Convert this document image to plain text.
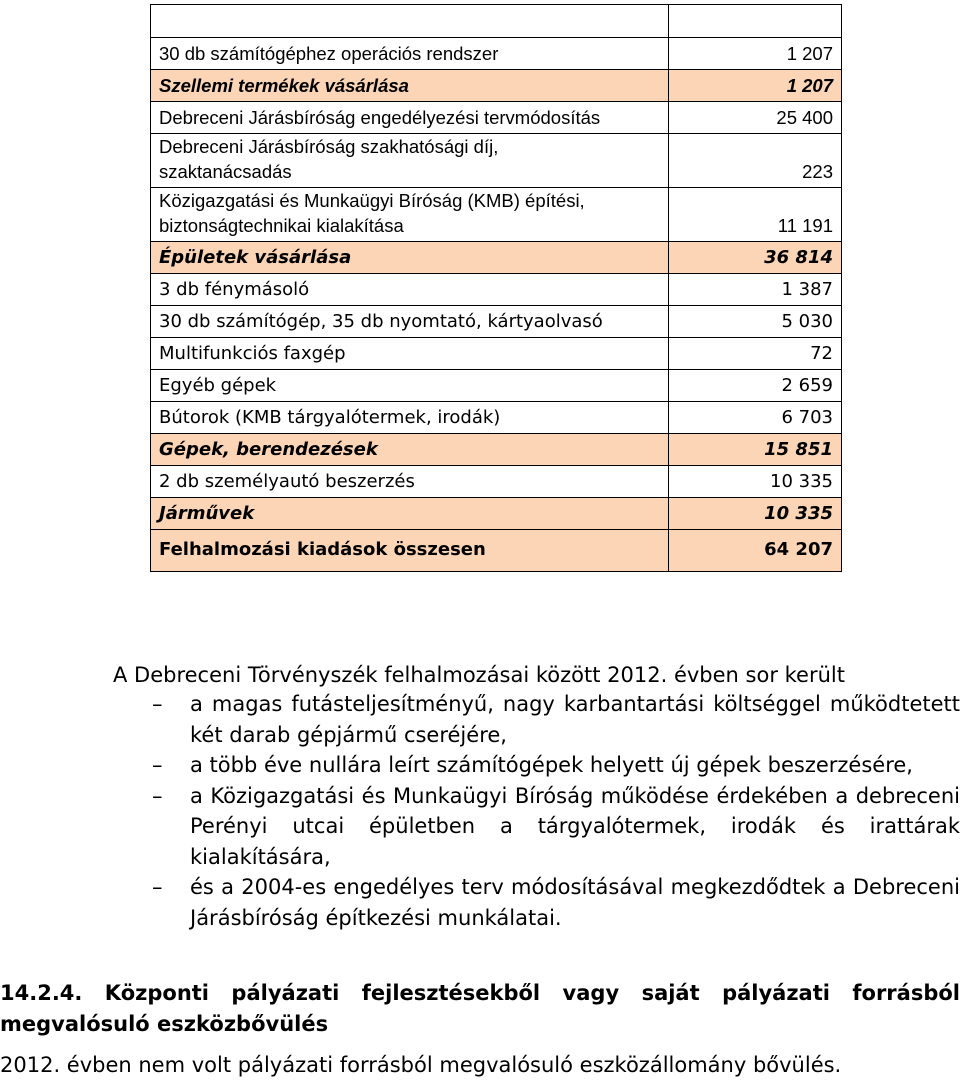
30 db számítógéphez operációs rendszer	1 207
Szellemi termékek vásárlása	1 207
Debreceni Járásbíróság engedélyezési tervmódosítás	25 400
Debreceni Járásbíróság szakhatósági díj,
szaktanácsadás	223
Közigazgatási és Munkaügyi Bíróság (KMB) építési,
biztonságtechnikai kialakítása	11 191
Épületek vásárlása	36 814
3 db fénymásoló	1 387
30 db számítógép, 35 db nyomtató, kártyaolvasó	5 030
Multifunkciós faxgép	72
Egyéb gépek	2 659
Bútorok (KMB tárgyalótermek, irodák)	6 703
Gépek, berendezések	15 851
2 db személyautó beszerzés	10 335
Járművek	10 335
Felhalmozási kiadások összesen	64 207

A Debreceni Törvényszék felhalmozásai között 2012. évben sor került

–	a magas futásteljesítményű, nagy karbantartási költséggel működtetett két darab gépjármű cseréjére,
–	a több éve nullára leírt számítógépek helyett új gépek beszerzésére,
–	a Közigazgatási és Munkaügyi Bíróság működése érdekében a debreceni Perényi utcai épületben a tárgyalótermek, irodák és irattárak kialakítására,
–	és a 2004-es engedélyes terv módosításával megkezdődtek a Debreceni Járásbíróság építkezési munkálatai.
14.2.4. Központi pályázati fejlesztésekből vagy saját pályázati forrásból
megvalósuló eszközbővülés

2012. évben nem volt pályázati forrásból megvalósuló eszközállomány bővülés.
